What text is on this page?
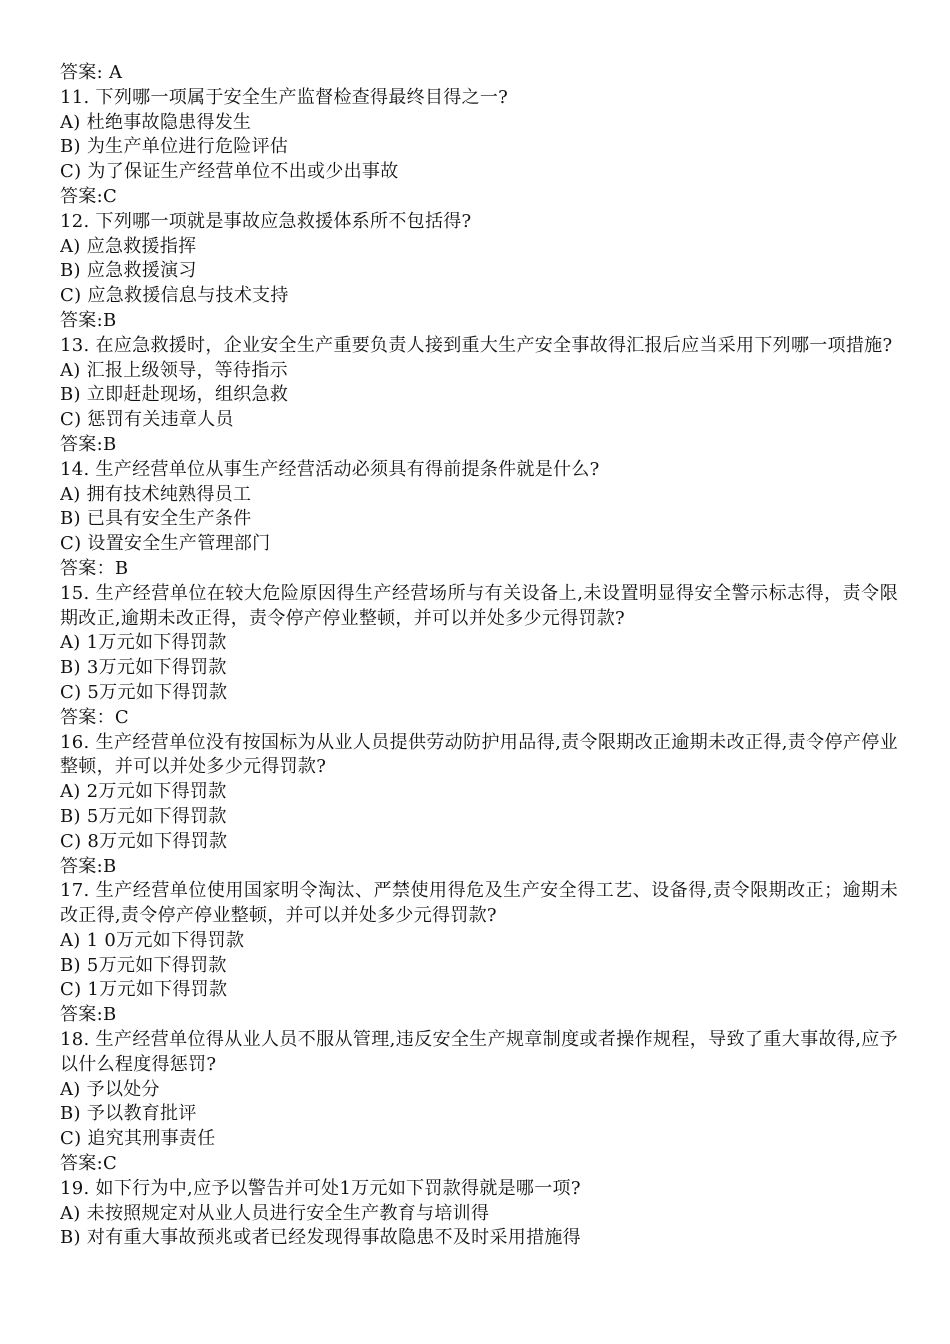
答案: A
11. 下列哪一项属于安全生产监督检查得最终目得之一?
A) 杜绝事故隐患得发生
B) 为生产单位进行危险评估
C) 为了保证生产经营单位不出或少出事故
答案:C
12. 下列哪一项就是事故应急救援体系所不包括得?
A) 应急救援指挥
B) 应急救援演习
C) 应急救援信息与技术支持
答案:B
13. 在应急救援时，企业安全生产重要负责人接到重大生产安全事故得汇报后应当采用下列哪一项措施?
A) 汇报上级领导，等待指示
B) 立即赶赴现场，组织急救
C) 惩罚有关违章人员
答案:B
14. 生产经营单位从事生产经营活动必须具有得前提条件就是什么?
A) 拥有技术纯熟得员工
B) 已具有安全生产条件
C) 设置安全生产管理部门
答案：B
15. 生产经营单位在较大危险原因得生产经营场所与有关设备上,未设置明显得安全警示标志得，责令限期改正,逾期未改正得，责令停产停业整顿，并可以并处多少元得罚款?
A) 1万元如下得罚款
B) 3万元如下得罚款
C) 5万元如下得罚款
答案：C
16. 生产经营单位没有按国标为从业人员提供劳动防护用品得,责令限期改正逾期未改正得,责令停产停业整顿，并可以并处多少元得罚款?
A) 2万元如下得罚款
B) 5万元如下得罚款
C) 8万元如下得罚款
答案:B
17. 生产经营单位使用国家明令淘汰、严禁使用得危及生产安全得工艺、设备得,责令限期改正；逾期未改正得,责令停产停业整顿，并可以并处多少元得罚款?
A) 1 0万元如下得罚款
B) 5万元如下得罚款
C) 1万元如下得罚款
答案:B
18. 生产经营单位得从业人员不服从管理,违反安全生产规章制度或者操作规程，导致了重大事故得,应予以什么程度得惩罚?
A) 予以处分
B) 予以教育批评
C) 追究其刑事责任
答案:C
19. 如下行为中,应予以警告并可处1万元如下罚款得就是哪一项?
A) 未按照规定对从业人员进行安全生产教育与培训得
B) 对有重大事故预兆或者已经发现得事故隐患不及时采用措施得
